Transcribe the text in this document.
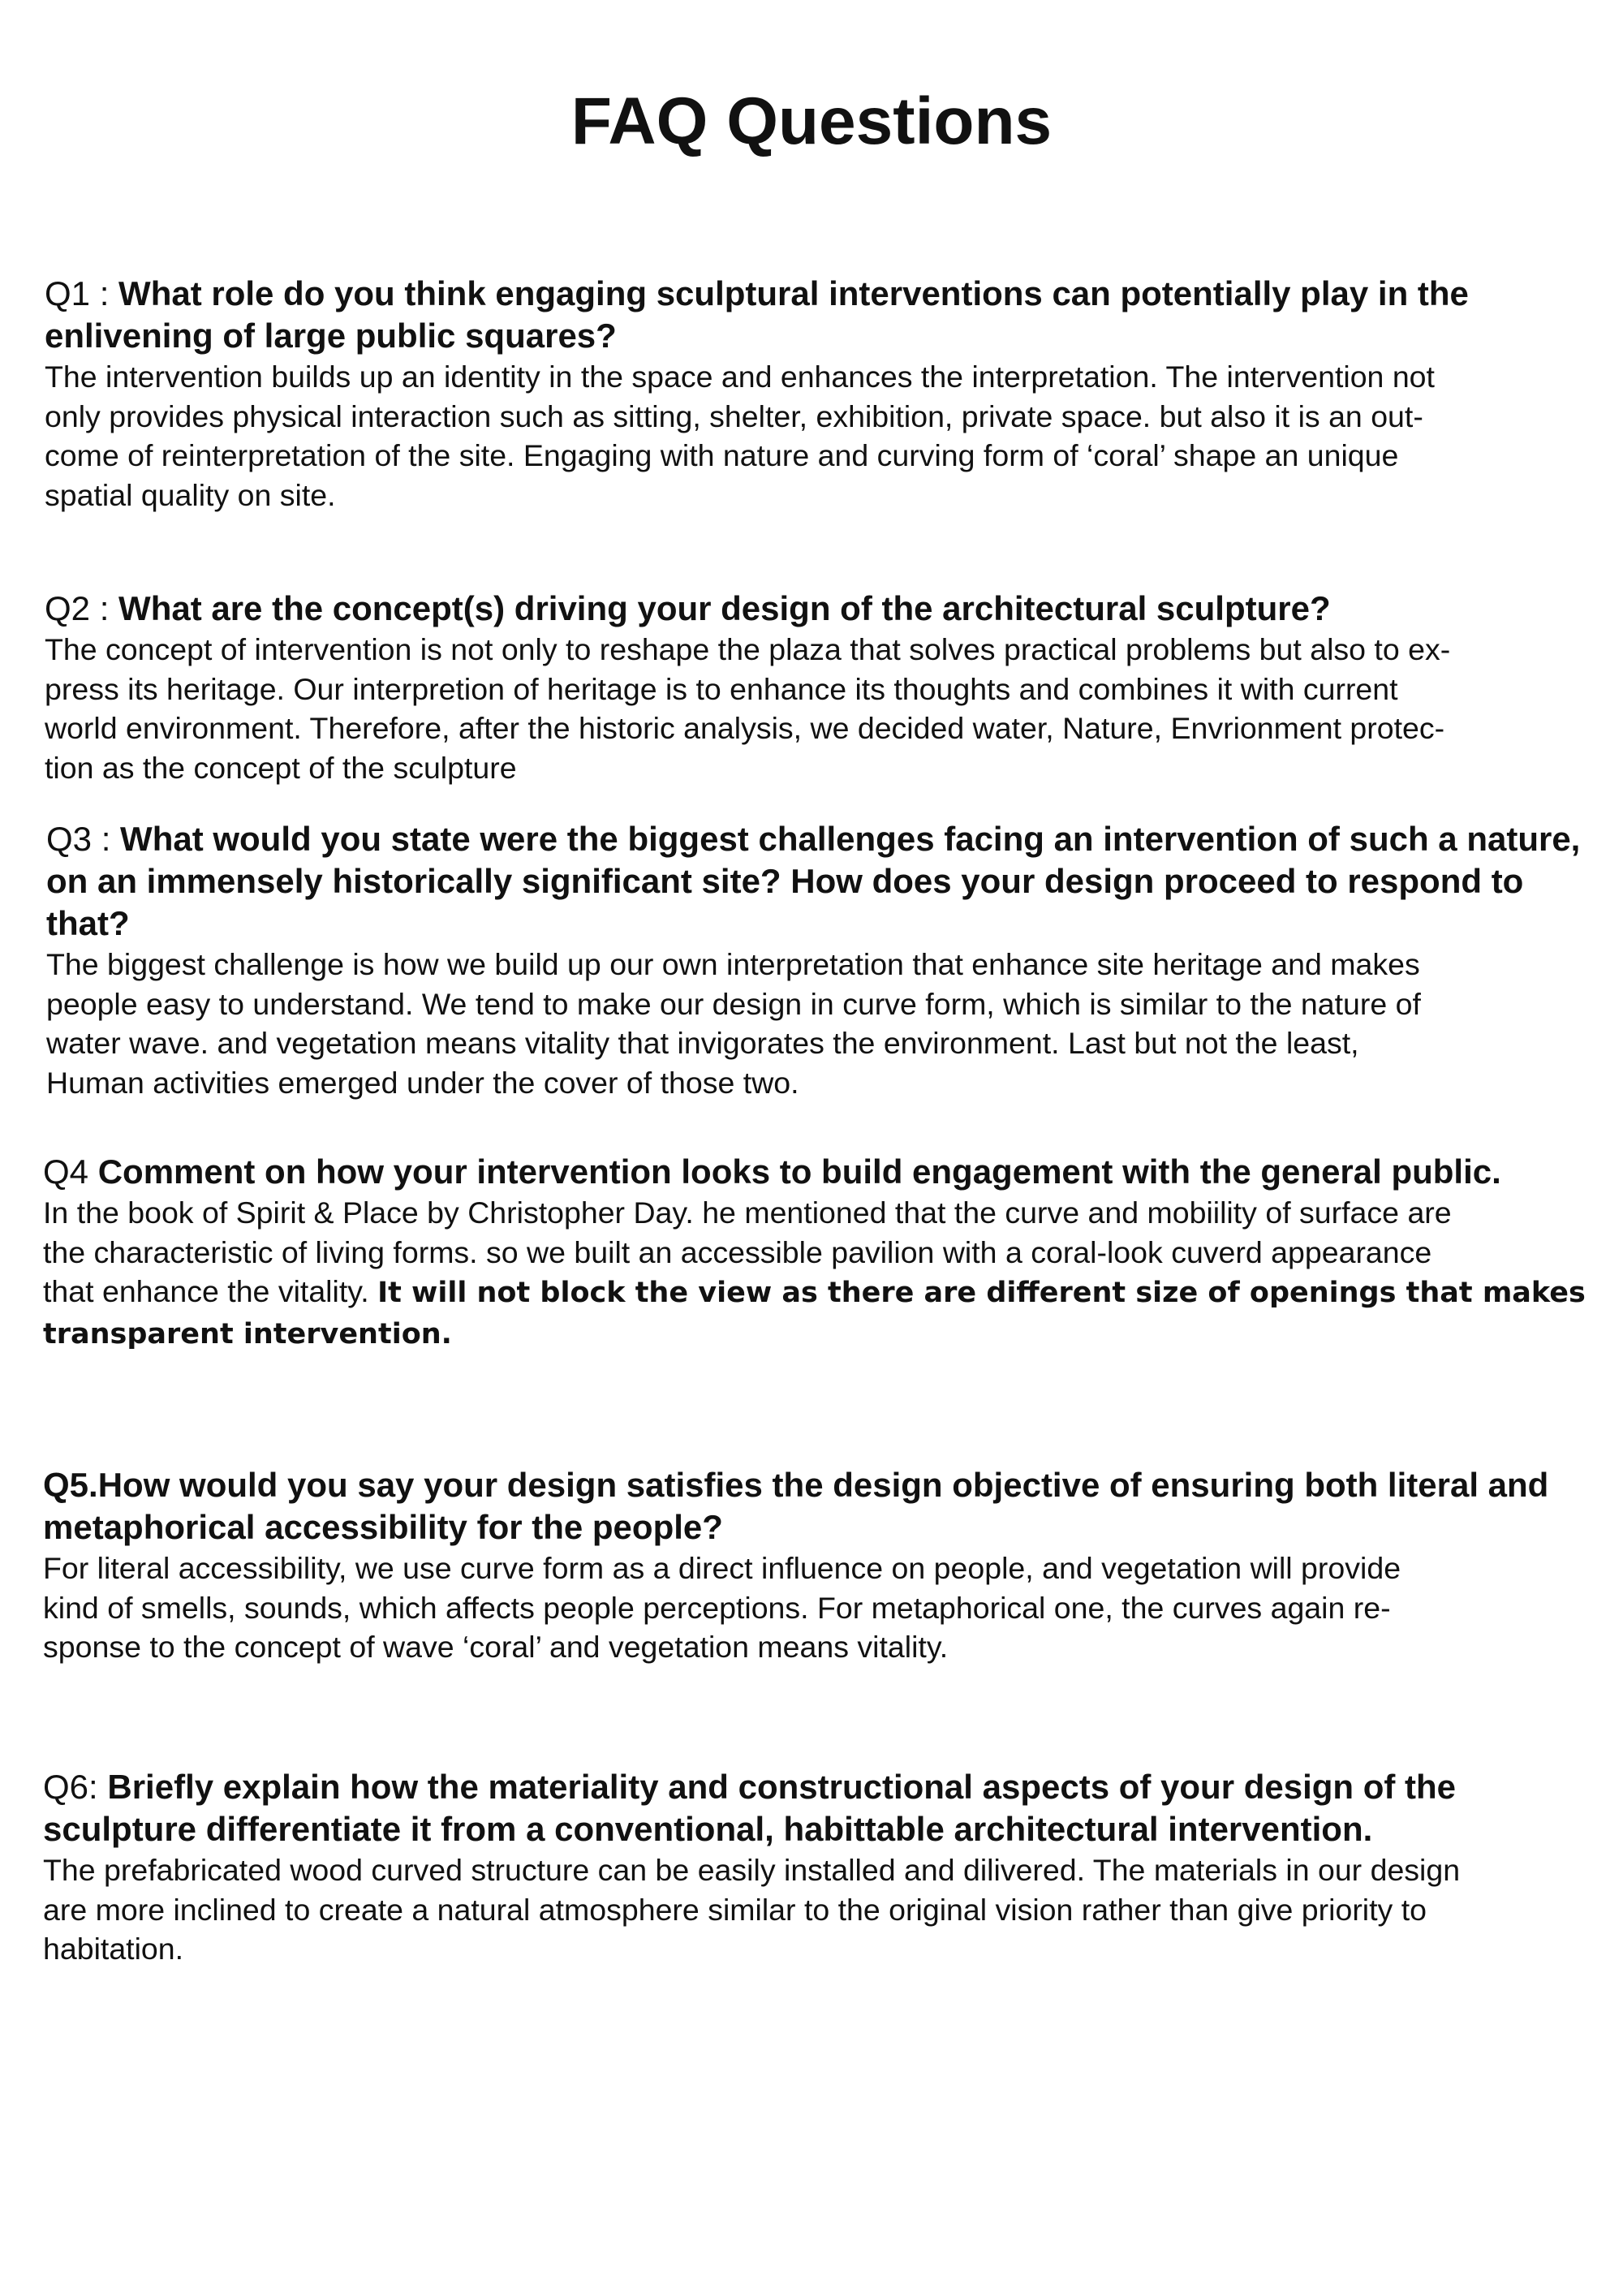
FAQ Questions

Q1 : What role do you think engaging sculptural interventions can potentially play in the enlivening of large public squares?

The intervention builds up an identity in the space and enhances the interpretation. The intervention not
only provides physical interaction such as sitting, shelter, exhibition, private space. but also it is an out-
come of reinterpretation of the site. Engaging with nature and curving form of ‘coral’ shape an unique
spatial quality on site.

Q2 : What are the concept(s) driving your design of the architectural sculpture?

The concept of intervention is not only to reshape the plaza that solves practical problems but also to ex-
press its heritage. Our interpretion of heritage is to enhance its thoughts and combines it with current
world environment. Therefore, after the historic analysis, we decided water, Nature, Envrionment protec-
tion as the concept of the sculpture

Q3 : What would you state were the biggest challenges facing an intervention of such a nature, on an immensely historically significant site? How does your design proceed to respond to that?

The biggest challenge is how we build up our own interpretation that enhance site heritage and makes
people easy to understand. We tend to make our design in curve form, which is similar to the nature of
water wave. and vegetation means vitality that invigorates the environment. Last but not the least,
Human activities emerged under the cover of those two.

Q4 Comment on how your intervention looks to build engagement with the general public.

In the book of Spirit & Place by Christopher Day. he mentioned that the curve and mobiility of surface are
the characteristic of living forms. so we built an accessible pavilion with a coral-look cuverd appearance
that enhance the vitality. It will not block the view as there are different size of openings that makes
transparent intervention.

Q5.How would you say your design satisfies the design objective of ensuring both literal and metaphorical accessibility for the people?

For literal accessibility, we use curve form as a direct influence on people, and vegetation will provide
kind of smells, sounds, which affects people perceptions. For metaphorical one, the curves again re-
sponse to the concept of wave ‘coral’ and vegetation means vitality.

Q6: Briefly explain how the materiality and constructional aspects of your design of the sculpture differentiate it from a conventional, habittable architectural intervention.

The prefabricated wood curved structure can be easily installed and dilivered. The materials in our design
are more inclined to create a natural atmosphere similar to the original vision rather than give priority to
habitation.
